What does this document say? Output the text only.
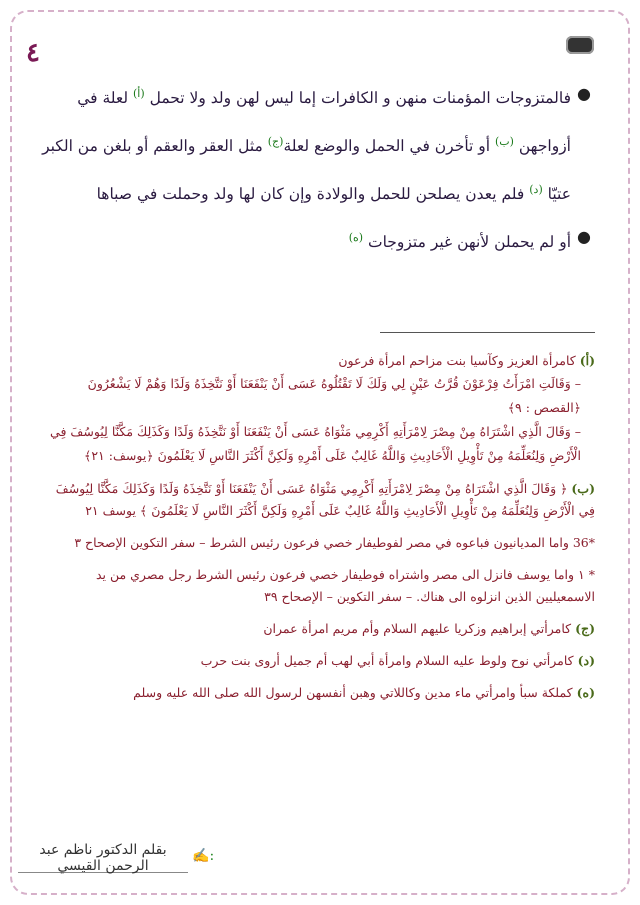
٤
●
فالمتزوجات المؤمنات منهن و الكافرات إما ليس لهن ولد ولا تحمل $^{(أ)}$ لعلة في أزواجهن $^{(ب)}$ أو تأخرن في الحمل والوضع لعلة$^{(ج)}$ مثل العقر والعقم أو بلغن من الكبر عتيّا $^{(د)}$ فلم يعدن يصلحن للحمل والولادة وإن كان لها ولد وحملت في صباها
●
أو لم يحملن لأنهن غير متزوجات $^{(ه)}$
(أ) كامرأة العزيز وكآسيا بنت مزاحم امرأة فرعون
– وَقَالَتِ امْرَأَتُ فِرْعَوْنَ قُرَّتُ عَيْنٍ لِي وَلَكَ لَا تَقْتُلُوهُ عَسَى أَنْ يَنْفَعَنَا أَوْ نَتَّخِذَهُ وَلَدًا وَهُمْ لَا يَشْعُرُونَ ﴿القصص : ٩﴾
– وَقَالَ الَّذِي اشْتَرَاهُ مِنْ مِصْرَ لِامْرَأَتِهِ أَكْرِمِي مَثْوَاهُ عَسَى أَنْ يَنْفَعَنَا أَوْ نَتَّخِذَهُ وَلَدًا وَكَذَلِكَ مَكَّنَّا لِيُوسُفَ فِي الْأَرْضِ وَلِنُعَلِّمَهُ مِنْ تَأْوِيلِ الْأَحَادِيثِ وَاللَّهُ غَالِبٌ عَلَى أَمْرِهِ وَلَكِنَّ أَكْثَرَ النَّاسِ لَا يَعْلَمُونَ ﴿يوسف: ٢١﴾
(ب) ﴿ وَقَالَ الَّذِي اشْتَرَاهُ مِنْ مِصْرَ لِامْرَأَتِهِ أَكْرِمِي مَثْوَاهُ عَسَى أَنْ يَنْفَعَنَا أَوْ نَتَّخِذَهُ وَلَدًا وَكَذَلِكَ مَكَّنَّا لِيُوسُفَ فِي الْأَرْضِ وَلِنُعَلِّمَهُ مِنْ تَأْوِيلِ الْأَحَادِيثِ وَاللَّهُ غَالِبٌ عَلَى أَمْرِهِ وَلَكِنَّ أَكْثَرَ النَّاسِ لَا يَعْلَمُونَ ﴾ يوسف ٢١
*36 واما المديانيون فباعوه في مصر لفوطيفار خصي فرعون رئيس الشرط – سفر التكوين الإصحاح ٣
* ١ واما يوسف فانزل الى مصر واشتراه فوطيفار خصي فرعون رئيس الشرط رجل مصري من يد الاسمعيليين الذين انزلوه الى هناك. – سفر التكوين – الإصحاح ٣٩
(ج) كامرأتي إبراهيم وزكريا عليهم السلام وأم مريم امرأة عمران
(د) كامرأتي نوح ولوط عليه السلام وامرأة أبي لهب أم جميل أروى بنت حرب
(ه) كملكة سبأ وامرأتي ماء مدين وكاللاتي وهبن أنفسهن لرسول الله صلى الله عليه وسلم
بقلم الدكتور ناظم عبد الرحمن القيسي
✍:
